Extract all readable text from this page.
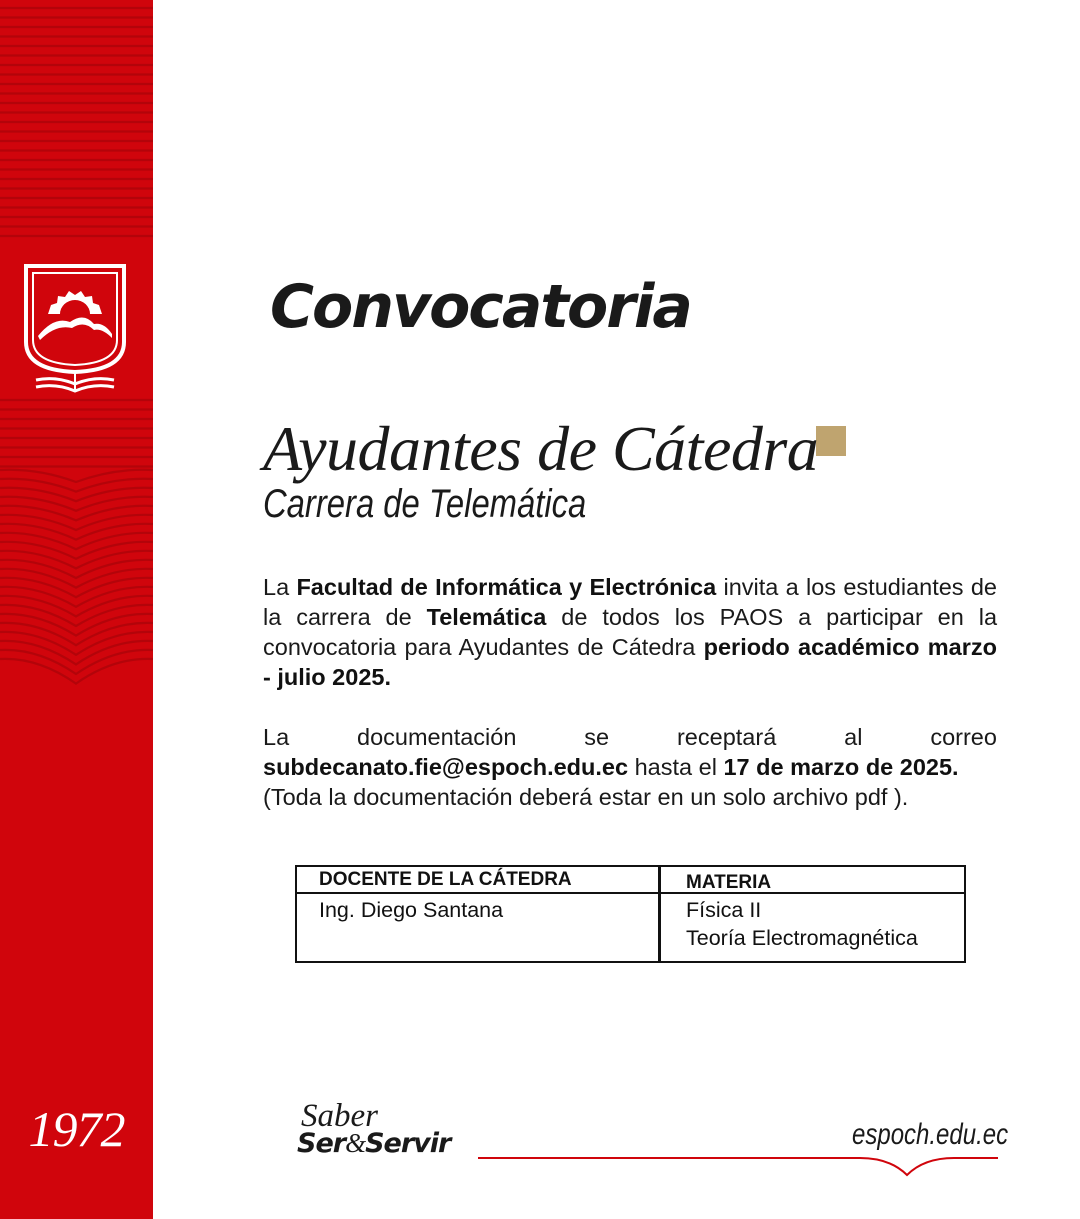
1972
Convocatoria
Ayudantes de Cátedra
Carrera de Telemática
La Facultad de Informática y Electrónica invita a los estudiantes de la carrera de Telemática de todos los PAOS a participar en la convocatoria para Ayudantes de Cátedra periodo académico marzo - julio 2025.
La	documentación	se	receptará	al	correo
subdecanato.fie@espoch.edu.ec hasta el 17 de marzo de 2025.
(Toda la documentación deberá estar en un solo archivo pdf ).
DOCENTE DE LA CÁTEDRA	MATERIA
Ing. Diego Santana	Física II
Teoría Electromagnética
Saber
Ser&Servir	espoch.edu.ec
